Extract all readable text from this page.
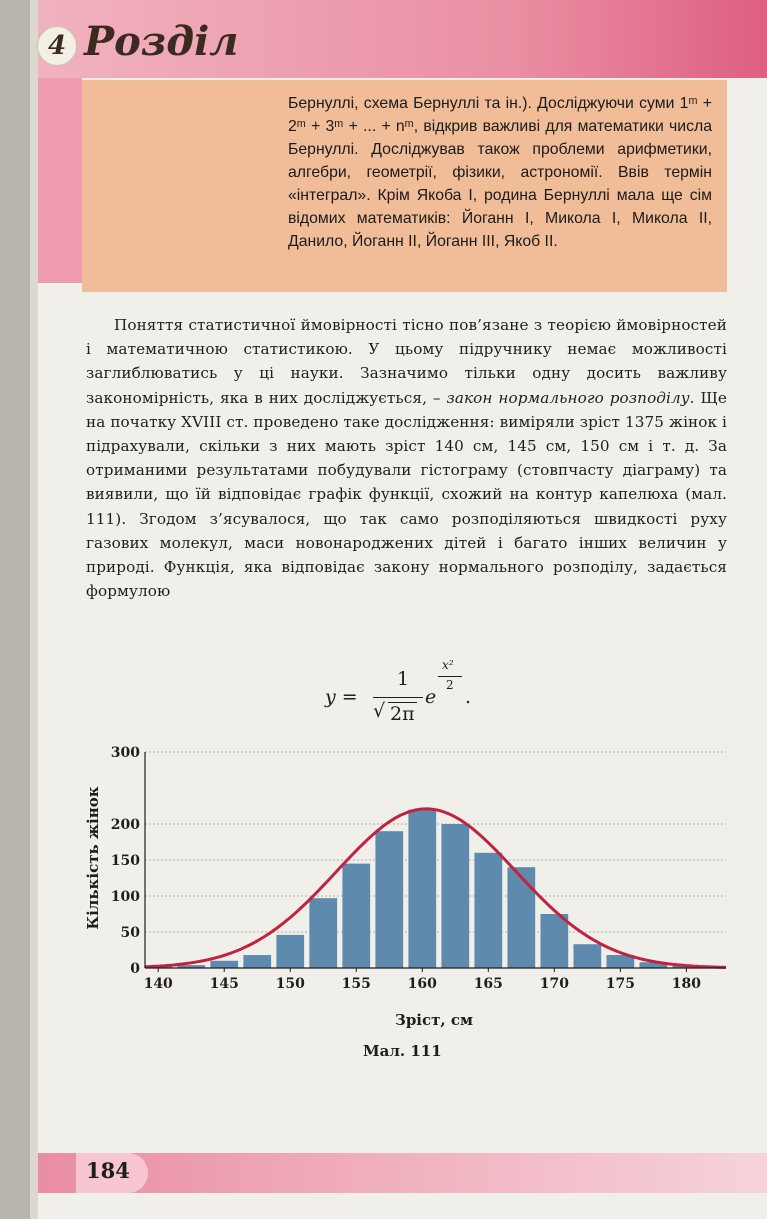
4 Розділ

Бернуллі, схема Бернуллі та ін.). Досліджуючи суми 1ᵐ + 2ᵐ + 3ᵐ + ... + nᵐ, відкрив важливі для математики числа Бернуллі. Досліджував також проблеми арифметики, алгебри, геометрії, фізики, астрономії. Ввів термін «інтеграл». Крім Якоба І, родина Бернуллі мала ще сім відомих математиків: Йоганн І, Микола І, Микола ІІ, Данило, Йоганн ІІ, Йоганн ІІІ, Якоб ІІ.

Поняття статистичної ймовірності тісно пов’язане з теорією ймовірностей і математичною статистикою. У цьому підручнику немає можливості заглиблюватись у ці науки. Зазначимо тільки одну досить важливу закономірність, яка в них досліджується, – закон нормального розподілу. Ще на початку XVIII ст. проведено таке дослідження: виміряли зріст 1375 жінок і підрахували, скільки з них мають зріст 140 см, 145 см, 150 см і т. д. За отриманими результатами побудували гістограму (стовпчасту діаграму) та виявили, що їй відповідає графік функції, схожий на контур капелюха (мал. 111). Згодом з’ясувалося, що так само розподіляються швидкості руху газових молекул, маси новонароджених дітей і багато інших величин у природі. Функція, яка відповідає закону нормального розподілу, задається формулою

y =
1
√ 2π
e
x²
2
.
Кількість жінок
0
50
100
150
200
300
140	145	150	155	160	165	170	175	180
Зріст, см
Мал. 111
184
